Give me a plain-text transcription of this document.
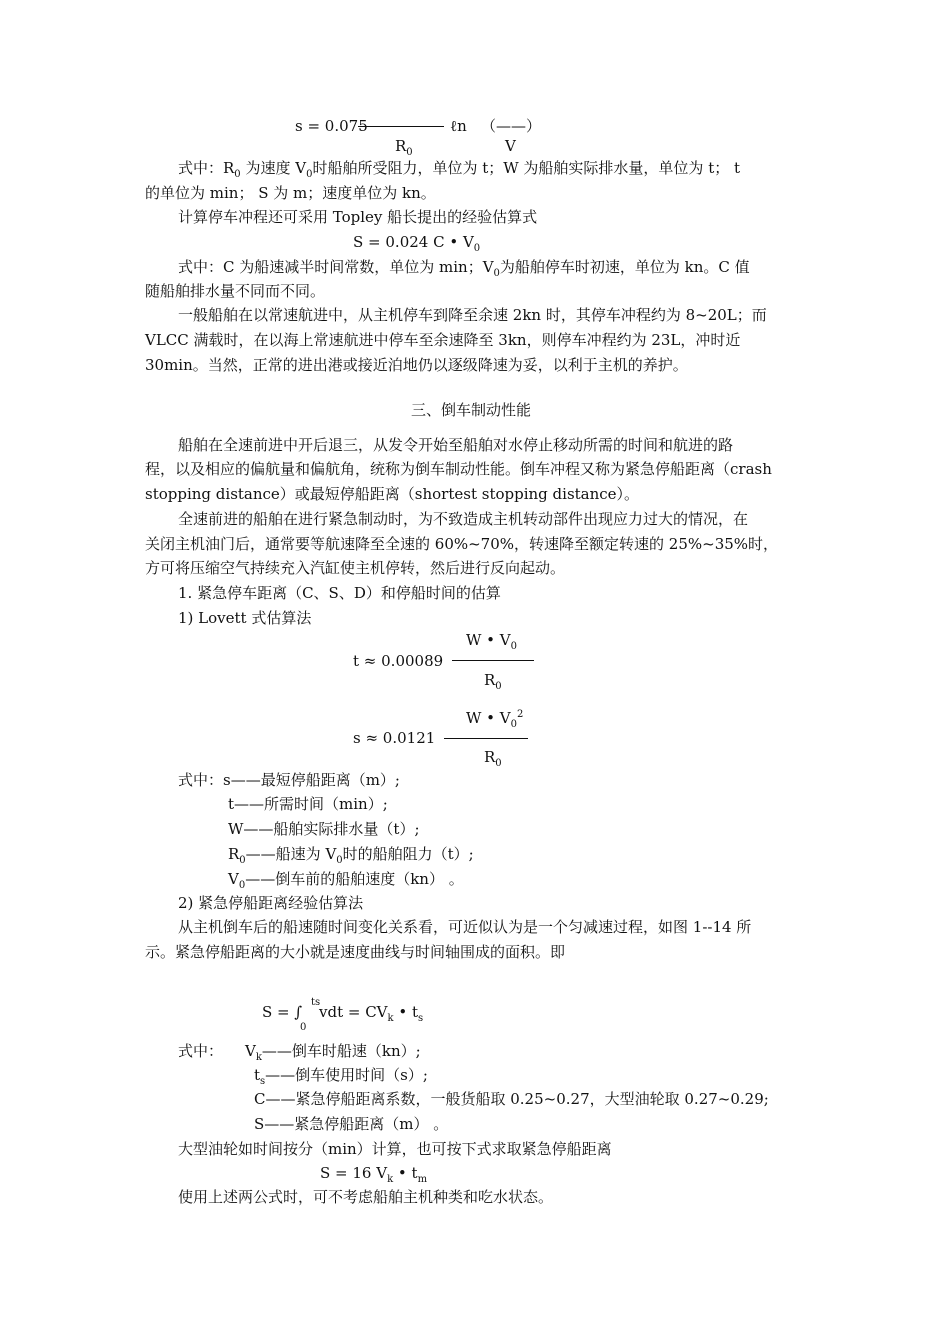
s = 0.075	ℓn （——）
$R_0$	V
式中：$R_0$ 为速度 $V_0$时船舶所受阻力，单位为 t；W 为船舶实际排水量，单位为 t； t
的单位为 min； S 为 m；速度单位为 kn。
计算停车冲程还可采用 Topley 船长提出的经验估算式
S = 0.024 C • $V_0$
式中：C 为船速减半时间常数，单位为 min；$V_0$为船舶停车时初速，单位为 kn。C 值
随船舶排水量不同而不同。
一般船舶在以常速航进中，从主机停车到降至余速 2kn 时，其停车冲程约为 8~20L；而
VLCC 满载时，在以海上常速航进中停车至余速降至 3kn，则停车冲程约为 23L，冲时近
30min。当然，正常的进出港或接近泊地仍以逐级降速为妥，以利于主机的养护。
三、倒车制动性能
船舶在全速前进中开后退三，从发令开始至船舶对水停止移动所需的时间和航进的路
程，以及相应的偏航量和偏航角，统称为倒车制动性能。倒车冲程又称为紧急停船距离（crash
stopping distance）或最短停船距离（shortest stopping distance）。
全速前进的船舶在进行紧急制动时，为不致造成主机转动部件出现应力过大的情况，在
关闭主机油门后，通常要等航速降至全速的 60%~70%，转速降至额定转速的 25%~35%时，
方可将压缩空气持续充入汽缸使主机停转，然后进行反向起动。
1. 紧急停车距离（C、S、D）和停船时间的估算
1) Lovett 式估算法
W • $V_0$
t ≈ 0.00089
$R_0$
W • $V_0^2$
s ≈ 0.0121
$R_0$
式中：s——最短停船距离（m）;
t——所需时间（min）;
W——船舶实际排水量（t）;
$R_0——$船速为 $V_0$时的船舶阻力（t）;
$V_0——$倒车前的船舶速度（kn） 。
2) 紧急停船距离经验估算法
从主机倒车后的船速随时间变化关系看，可近似认为是一个匀减速过程，如图 1--14 所
示。紧急停船距离的大小就是速度曲线与时间轴围成的面积。即
S = ∫
ts
0
vdt = $CV_k$ • $t_s$
式中： $V_k——$倒车时船速（kn）;
$t_s——$倒车使用时间（s）;
C——紧急停船距离系数，一般货船取 0.25~0.27，大型油轮取 0.27~0.29;
S——紧急停船距离（m） 。
大型油轮如时间按分（min）计算，也可按下式求取紧急停船距离
S = 16 $V_k$ • $t_m$
使用上述两公式时，可不考虑船舶主机种类和吃水状态。
